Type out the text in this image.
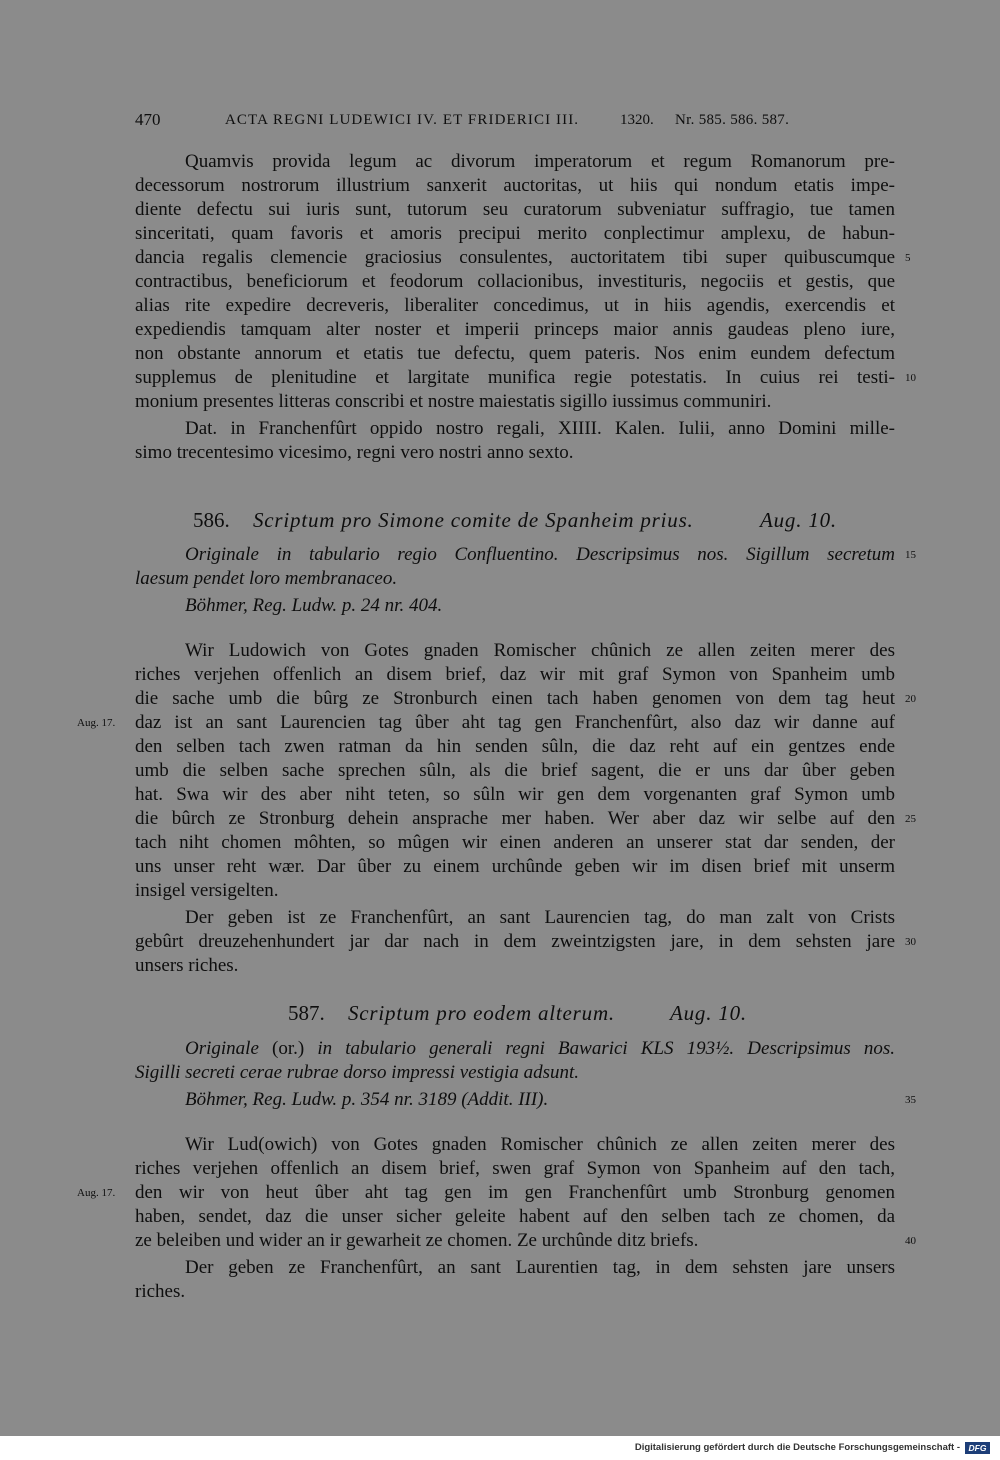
470	ACTA REGNI LUDEWICI IV. ET FRIDERICI III.	1320. Nr. 585. 586. 587.
Quamvis provida legum ac divorum imperatorum et regum Romanorum pre-
decessorum nostrorum illustrium sanxerit auctoritas, ut hiis qui nondum etatis impe-
diente defectu sui iuris sunt, tutorum seu curatorum subveniatur suffragio, tue tamen
sinceritati, quam favoris et amoris precipui merito conplectimur amplexu, de habun-
dancia regalis clemencie graciosius consulentes, auctoritatem tibi super quibuscumque 5
contractibus, beneficiorum et feodorum collacionibus, investituris, negociis et gestis, que
alias rite expedire decreveris, liberaliter concedimus, ut in hiis agendis, exercendis et
expediendis tamquam alter noster et imperii princeps maior annis gaudeas pleno iure,
non obstante annorum et etatis tue defectu, quem pateris. Nos enim eundem defectum
supplemus de plenitudine et largitate munifica regie potestatis. In cuius rei testi- 10
monium presentes litteras conscribi et nostre maiestatis sigillo iussimus communiri.
Dat. in Franchenfûrt oppido nostro regali, XIIII. Kalen. Iulii, anno Domini mille-
simo trecentesimo vicesimo, regni vero nostri anno sexto.
586. Scriptum pro Simone comite de Spanheim prius.	Aug. 10.
Originale in tabulario regio Confluentino. Descripsimus nos. Sigillum secretum 15
laesum pendet loro membranaceo.
Böhmer, Reg. Ludw. p. 24 nr. 404.
Wir Ludowich von Gotes gnaden Romischer chûnich ze allen zeiten merer des
riches verjehen offenlich an disem brief, daz wir mit graf Symon von Spanheim umb
die sache umb die bûrg ze Stronburch einen tach haben genomen von dem tag heut 20
daz ist an sant Laurencien tag ûber aht tag gen Franchenfûrt, also daz wir danne auf
Aug. 17.
den selben tach zwen ratman da hin senden sûln, die daz reht auf ein gentzes ende
umb die selben sache sprechen sûln, als die brief sagent, die er uns dar ûber geben
hat. Swa wir des aber niht teten, so sûln wir gen dem vorgenanten graf Symon umb
die bûrch ze Stronburg dehein ansprache mer haben. Wer aber daz wir selbe auf den 25
tach niht chomen môhten, so mûgen wir einen anderen an unserer stat dar senden, der
uns unser reht wær. Dar ûber zu einem urchûnde geben wir im disen brief mit unserm
insigel versigelten.
Der geben ist ze Franchenfûrt, an sant Laurencien tag, do man zalt von Crists
gebûrt dreuzehenhundert jar dar nach in dem zweintzigsten jare, in dem sehsten jare 30
unsers riches.
587. Scriptum pro eodem alterum.	Aug. 10.
Originale (or.) in tabulario generali regni Bawarici KLS 193½. Descripsimus nos.
Sigilli secreti cerae rubrae dorso impressi vestigia adsunt.
Böhmer, Reg. Ludw. p. 354 nr. 3189 (Addit. III).	35
Wir Lud(owich) von Gotes gnaden Romischer chûnich ze allen zeiten merer des
riches verjehen offenlich an disem brief, swen graf Symon von Spanheim auf den tach,
den wir von heut ûber aht tag gen im gen Franchenfûrt umb Stronburg genomen
Aug. 17.
haben, sendet, daz die unser sicher geleite habent auf den selben tach ze chomen, da
ze beleiben und wider an ir gewarheit ze chomen. Ze urchûnde ditz briefs.	40
Der geben ze Franchenfûrt, an sant Laurentien tag, in dem sehsten jare unsers
riches.
Digitalisierung gefördert durch die Deutsche Forschungsgemeinschaft -	DFG
